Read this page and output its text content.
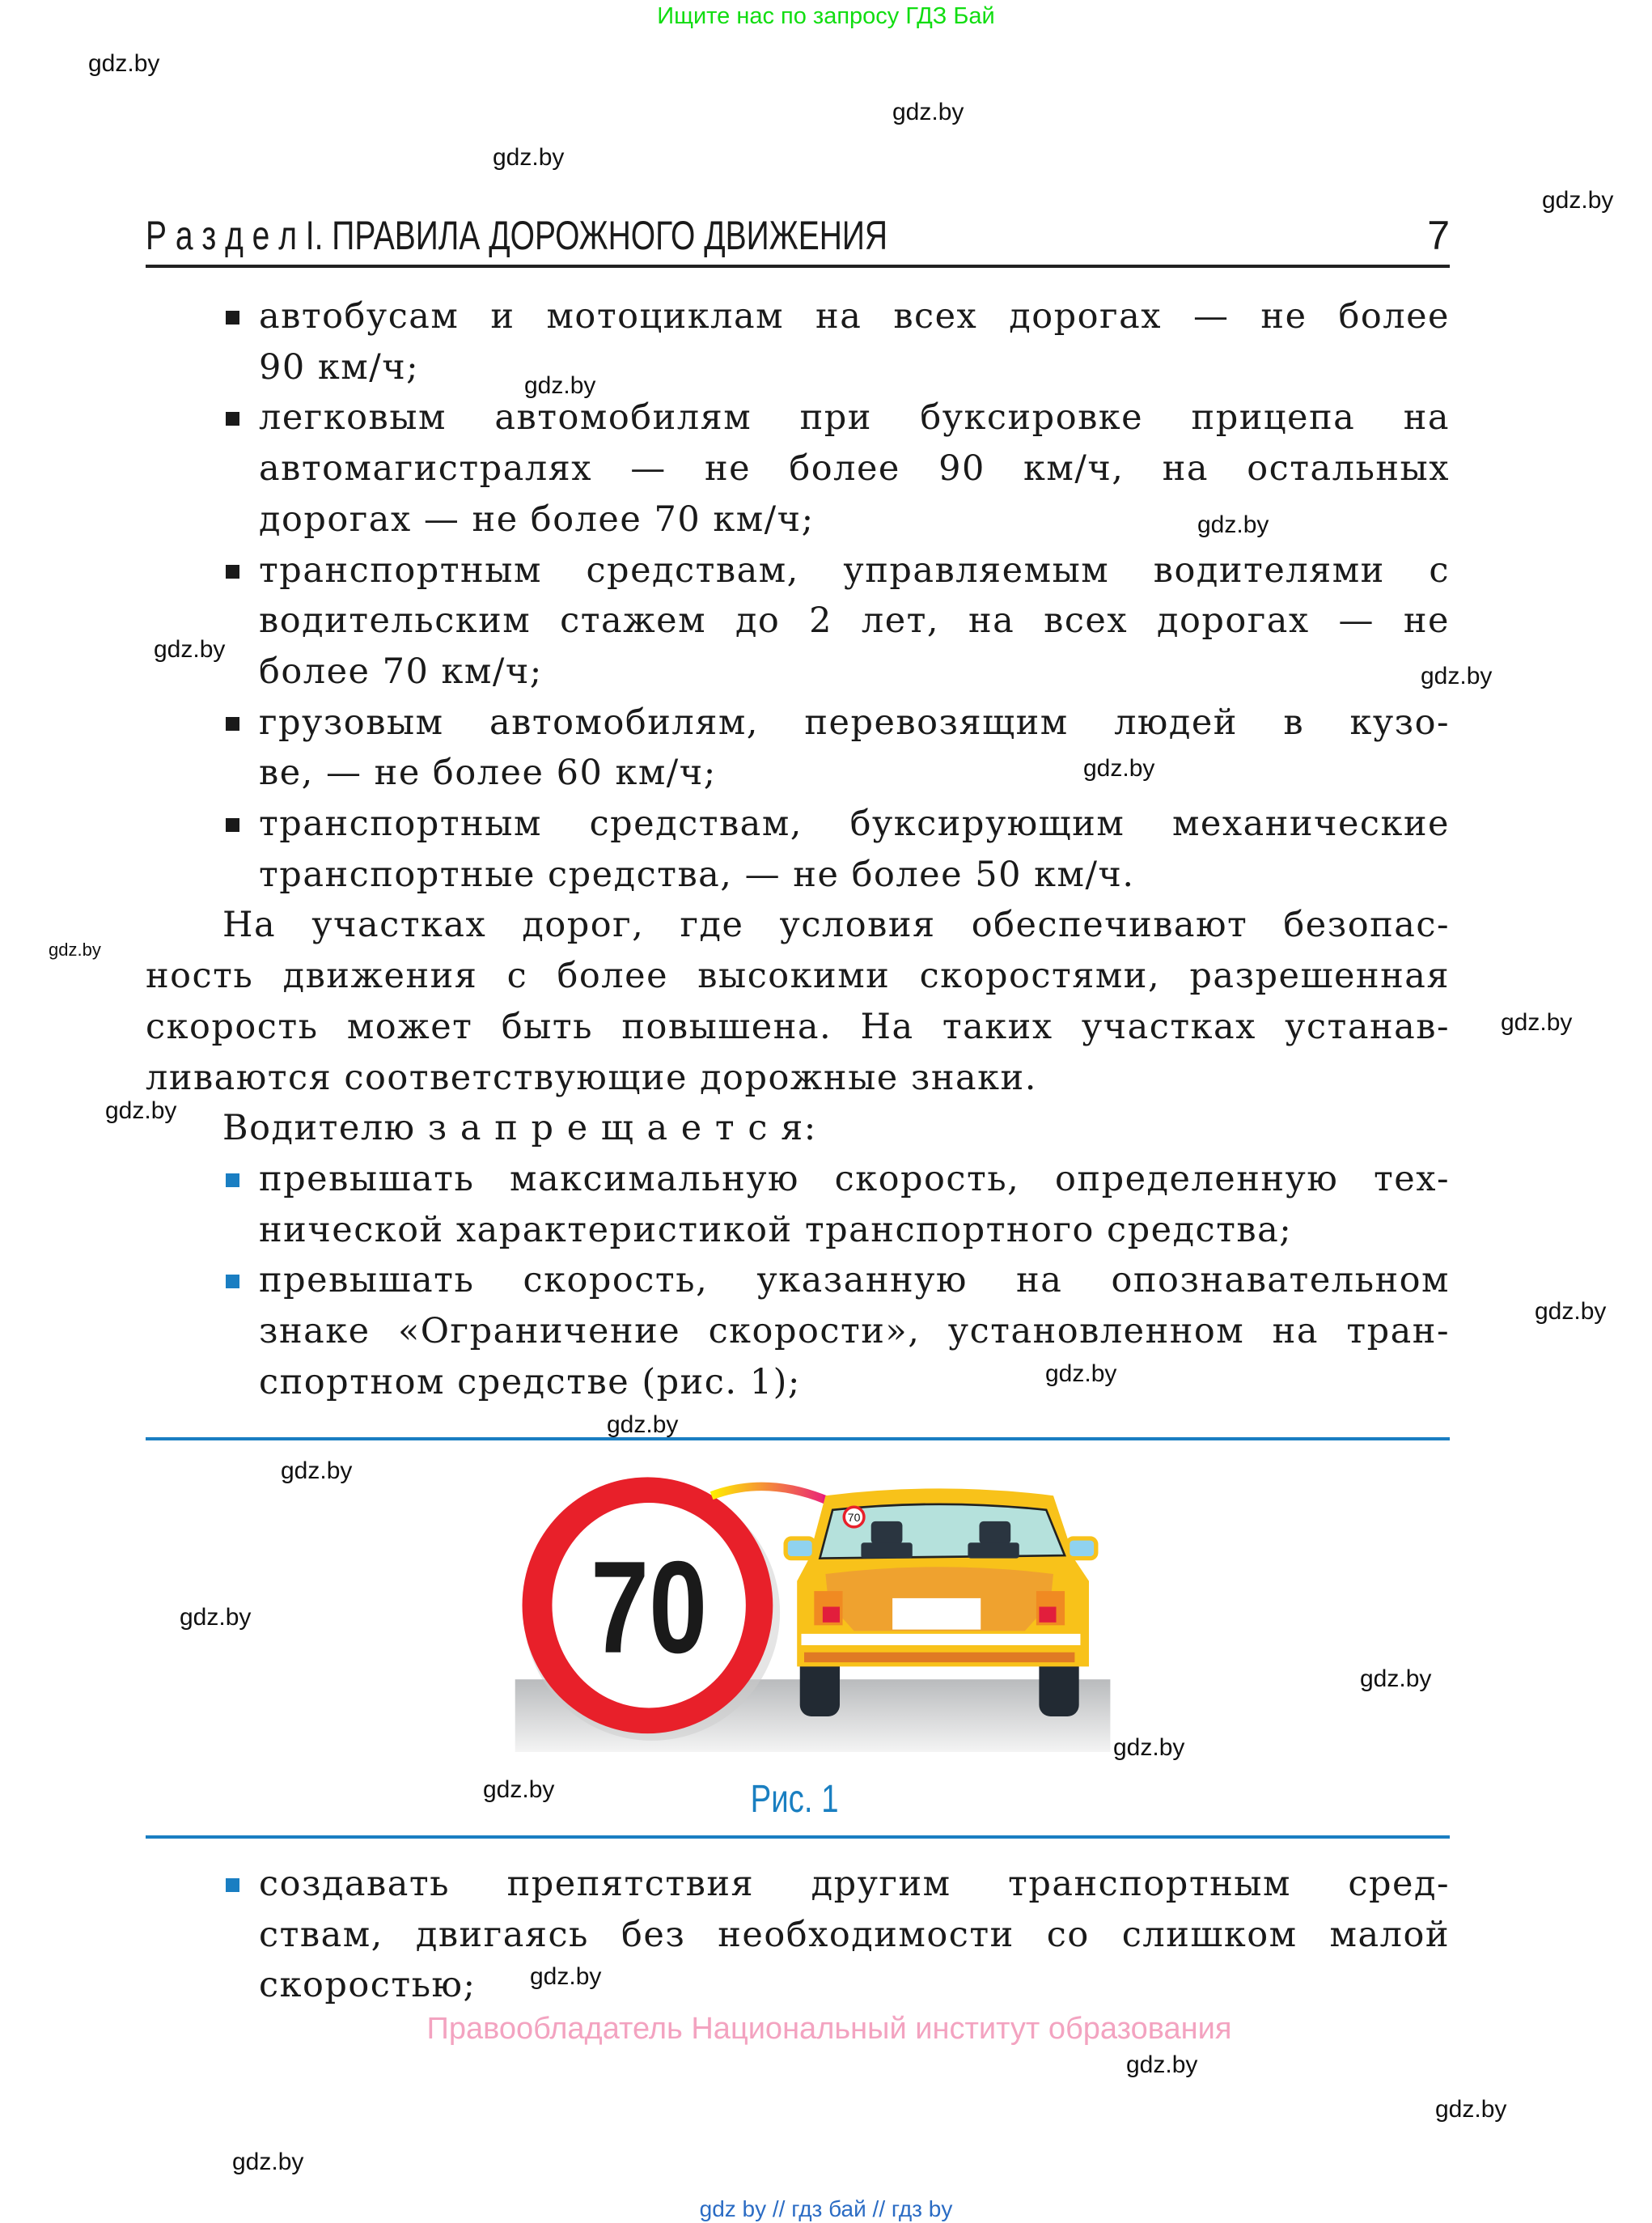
Ищите нас по запросу ГДЗ Бай
Р а з д е л I. ПРАВИЛА ДОРОЖНОГО ДВИЖЕНИЯ	7
автобусам и мотоциклам на всех дорогах — не более
90 км/ч;
легковым автомобилям при буксировке прицепа на
автомагистралях — не более 90 км/ч, на остальных
дорогах — не более 70 км/ч;
транспортным средствам, управляемым водителями с
водительским стажем до 2 лет, на всех дорогах — не
более 70 км/ч;
грузовым автомобилям, перевозящим людей в кузо-
ве, — не более 60 км/ч;
транспортным средствам, буксирующим механические
транспортные средства, — не более 50 км/ч.
На участках дорог, где условия обеспечивают безопас-
ность движения с более высокими скоростями, разрешенная
скорость может быть повышена. На таких участках устанав-
ливаются соответствующие дорожные знаки.
Водителю з а п р е щ а е т с я:
превышать максимальную скорость, определенную тех-
нической характеристикой транспортного средства;
превышать скорость, указанную на опознавательном
знаке «Ограничение скорости», установленном на тран-
спортном средстве (рис. 1);
70
70
Рис. 1
создавать препятствия другим транспортным сред-
ствам, двигаясь без необходимости со слишком малой
скоростью;
Правообладатель Национальный институт образования
gdz by // гдз бай // гдз by
gdz.by
gdz.by
gdz.by
gdz.by
gdz.by
gdz.by
gdz.by
gdz.by
gdz.by
gdz.by
gdz.by
gdz.by
gdz.by
gdz.by
gdz.by
gdz.by
gdz.by
gdz.by
gdz.by
gdz.by
gdz.by
gdz.by
gdz.by
gdz.by
